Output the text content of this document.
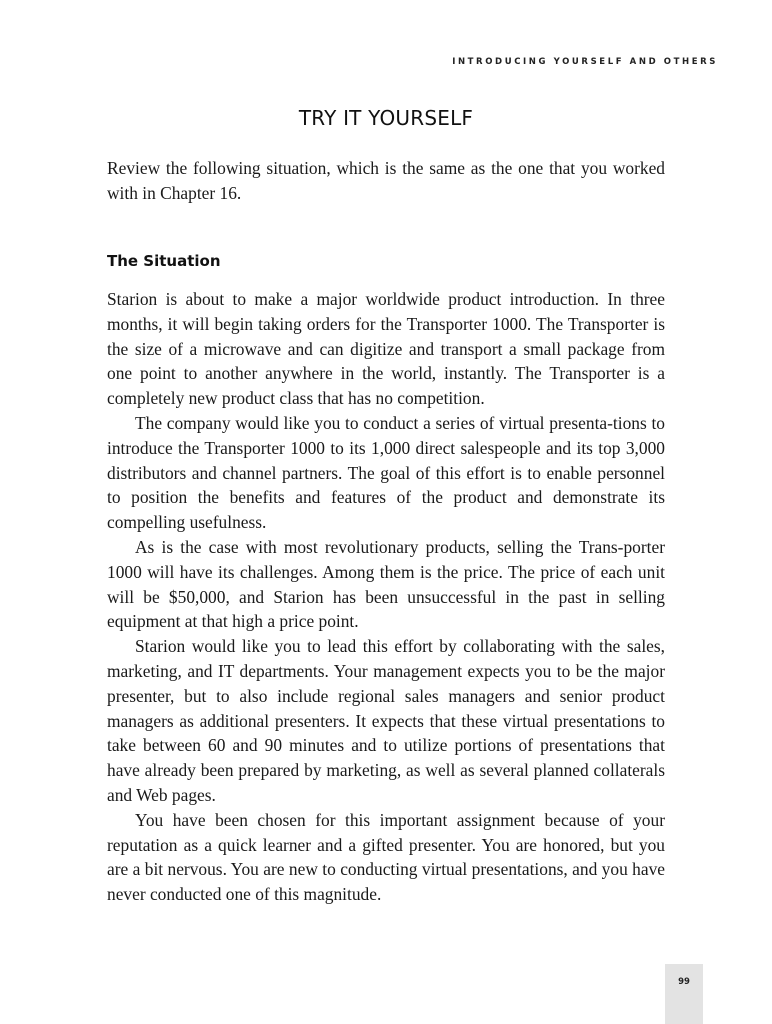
INTRODUCING YOURSELF AND OTHERS
TRY IT YOURSELF
Review the following situation, which is the same as the one that you worked with in Chapter 16.
The Situation

Starion is about to make a major worldwide product introduction. In three months, it will begin taking orders for the Transporter 1000. The Transporter is the size of a microwave and can digitize and transport a small package from one point to another anywhere in the world, instantly. The Transporter is a completely new product class that has no competition.

The company would like you to conduct a series of virtual presenta-tions to introduce the Transporter 1000 to its 1,000 direct salespeople and its top 3,000 distributors and channel partners. The goal of this effort is to enable personnel to position the benefits and features of the product and demonstrate its compelling usefulness.

As is the case with most revolutionary products, selling the Trans-porter 1000 will have its challenges. Among them is the price. The price of each unit will be $50,000, and Starion has been unsuccessful in the past in selling equipment at that high a price point.

Starion would like you to lead this effort by collaborating with the sales, marketing, and IT departments. Your management expects you to be the major presenter, but to also include regional sales managers and senior product managers as additional presenters. It expects that these virtual presentations to take between 60 and 90 minutes and to utilize portions of presentations that have already been prepared by marketing, as well as several planned collaterals and Web pages.

You have been chosen for this important assignment because of your reputation as a quick learner and a gifted presenter. You are honored, but you are a bit nervous. You are new to conducting virtual presentations, and you have never conducted one of this magnitude.

99
